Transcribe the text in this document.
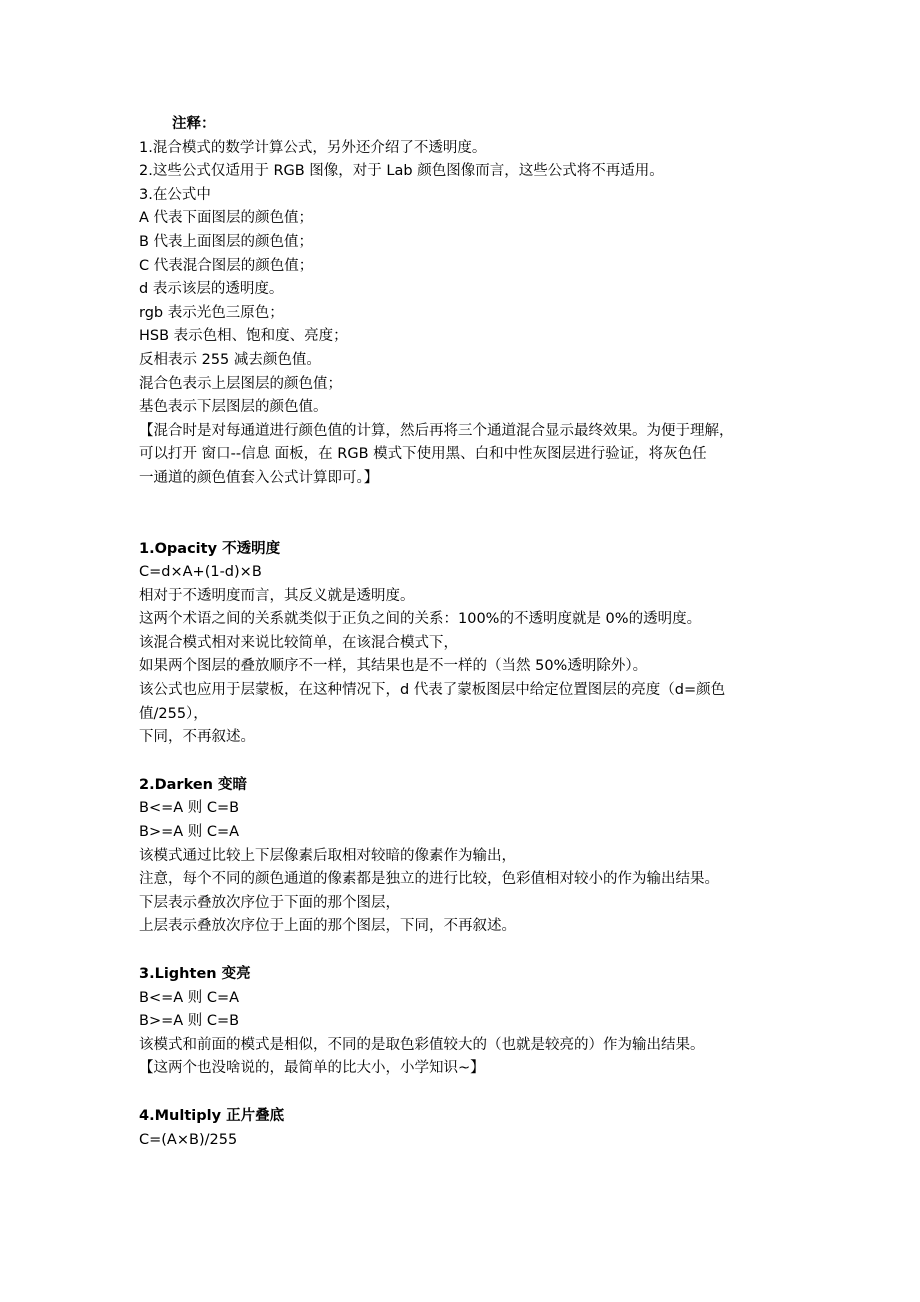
注释：
1.混合模式的数学计算公式，另外还介绍了不透明度。
2.这些公式仅适用于 RGB 图像，对于 Lab 颜色图像而言，这些公式将不再适用。
3.在公式中
A 代表下面图层的颜色值；
B 代表上面图层的颜色值；
C 代表混合图层的颜色值；
d 表示该层的透明度。
rgb 表示光色三原色；
HSB 表示色相、饱和度、亮度；
反相表示 255 减去颜色值。
混合色表示上层图层的颜色值；
基色表示下层图层的颜色值。
【混合时是对每通道进行颜色值的计算，然后再将三个通道混合显示最终效果。为便于理解，
可以打开 窗口--信息 面板，在 RGB 模式下使用黑、白和中性灰图层进行验证，将灰色任
一通道的颜色值套入公式计算即可。】
1.Opacity 不透明度
C=d×A+(1-d)×B
相对于不透明度而言，其反义就是透明度。
这两个术语之间的关系就类似于正负之间的关系：100%的不透明度就是 0%的透明度。
该混合模式相对来说比较简单，在该混合模式下，
如果两个图层的叠放顺序不一样，其结果也是不一样的（当然 50%透明除外）。
该公式也应用于层蒙板，在这种情况下，d 代表了蒙板图层中给定位置图层的亮度（d=颜色
值/255），
下同，不再叙述。
2.Darken 变暗
B<=A 则 C=B
B>=A 则 C=A
该模式通过比较上下层像素后取相对较暗的像素作为输出，
注意，每个不同的颜色通道的像素都是独立的进行比较，色彩值相对较小的作为输出结果。
下层表示叠放次序位于下面的那个图层，
上层表示叠放次序位于上面的那个图层，下同，不再叙述。
3.Lighten 变亮
B<=A 则 C=A
B>=A 则 C=B
该模式和前面的模式是相似，不同的是取色彩值较大的（也就是较亮的）作为输出结果。
【这两个也没啥说的，最简单的比大小，小学知识~】
4.Multiply 正片叠底
C=(A×B)/255
